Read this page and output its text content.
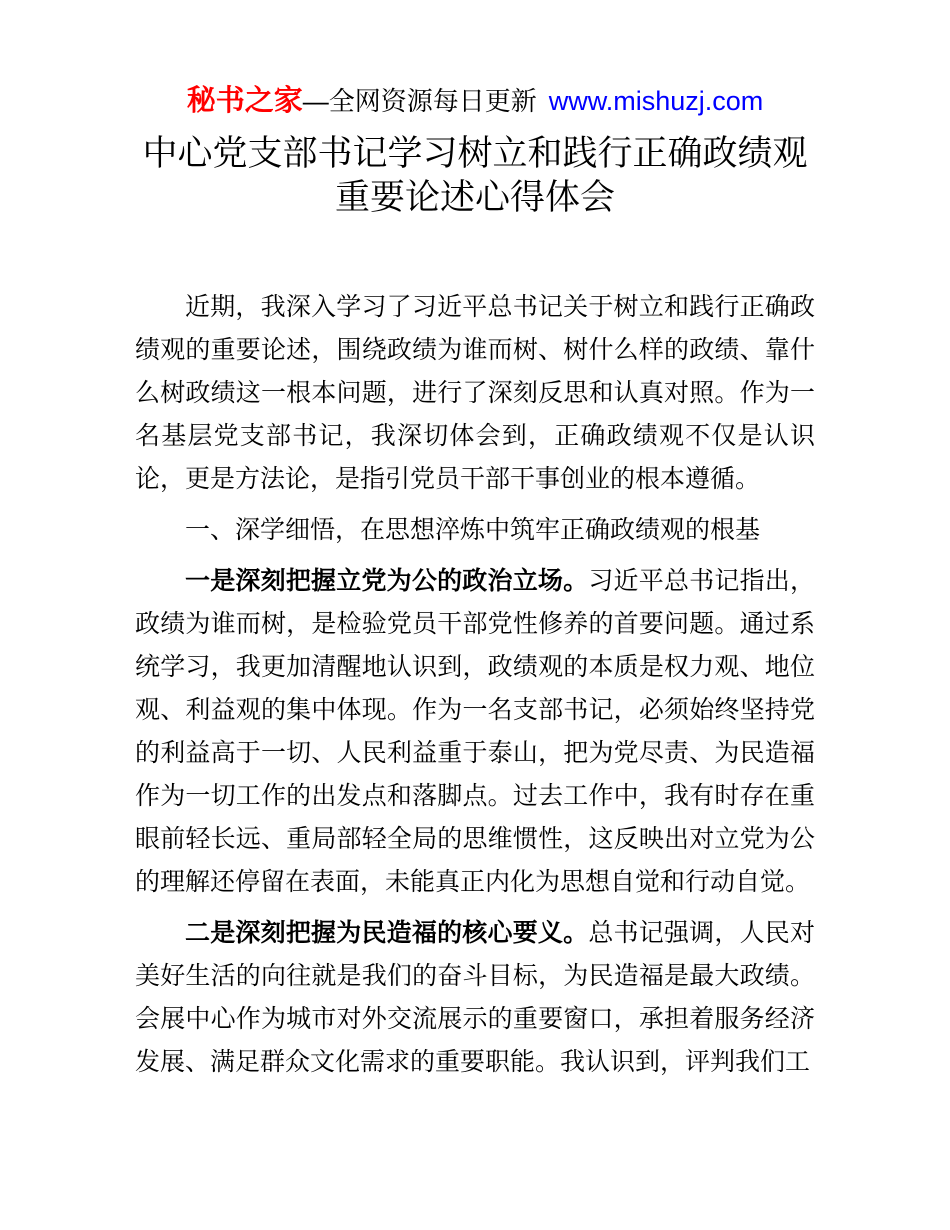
秘书之家—全网资源每日更新 www.mishuzj.com
中心党支部书记学习树立和践行正确政绩观重要论述心得体会

近期，我深入学习了习近平总书记关于树立和践行正确政绩观的重要论述，围绕政绩为谁而树、树什么样的政绩、靠什么树政绩这一根本问题，进行了深刻反思和认真对照。作为一名基层党支部书记，我深切体会到，正确政绩观不仅是认识论，更是方法论，是指引党员干部干事创业的根本遵循。

一、深学细悟，在思想淬炼中筑牢正确政绩观的根基

一是深刻把握立党为公的政治立场。习近平总书记指出，政绩为谁而树，是检验党员干部党性修养的首要问题。通过系统学习，我更加清醒地认识到，政绩观的本质是权力观、地位观、利益观的集中体现。作为一名支部书记，必须始终坚持党的利益高于一切、人民利益重于泰山，把为党尽责、为民造福作为一切工作的出发点和落脚点。过去工作中，我有时存在重眼前轻长远、重局部轻全局的思维惯性，这反映出对立党为公的理解还停留在表面，未能真正内化为思想自觉和行动自觉。

二是深刻把握为民造福的核心要义。总书记强调，人民对美好生活的向往就是我们的奋斗目标，为民造福是最大政绩。会展中心作为城市对外交流展示的重要窗口，承担着服务经济发展、满足群众文化需求的重要职能。我认识到，评判我们工
